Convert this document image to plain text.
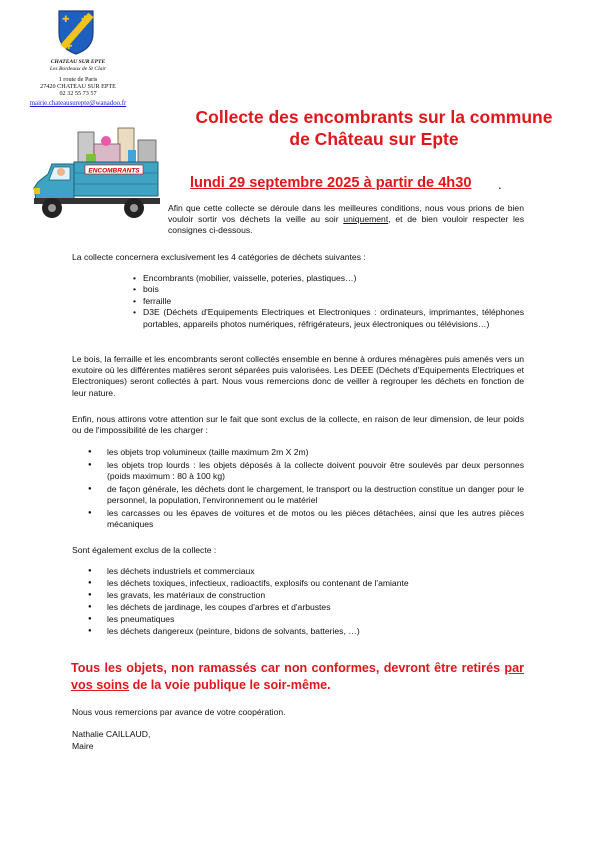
✚ ✚
✚
CHATEAU SUR EPTE
Les Bordeaux de St Clair
1 route de Paris
27420 CHATEAU SUR EPTE
02 32 55 73 57
mairie.chateausurepte@wanadoo.fr
ENCOMBRANTS
Collecte des encombrants sur la commune
de Château sur Epte
lundi 29 septembre 2025 à partir de 4h30 .
Afin que cette collecte se déroule dans les meilleures conditions, nous vous prions de bien vouloir sortir vos déchets la veille au soir uniquement, et de bien vouloir respecter les consignes ci-dessous.
La collecte concernera exclusivement les 4 catégories de déchets suivantes :
• Encombrants (mobilier, vaisselle, poteries, plastiques…)
• bois
• ferraille
• D3E (Déchets d'Equipements Electriques et Electroniques : ordinateurs, imprimantes, téléphones portables, appareils photos numériques, réfrigérateurs, jeux électroniques ou télévisions…)
Le bois, la ferraille et les encombrants seront collectés ensemble en benne à ordures ménagères puis amenés vers un exutoire où les différentes matières seront séparées puis valorisées. Les DEEE (Déchets d'Equipements Electriques et Electroniques) seront collectés à part. Nous vous remercions donc de veiller à regrouper les déchets en fonction de leur nature.
Enfin, nous attirons votre attention sur le fait que sont exclus de la collecte, en raison de leur dimension, de leur poids ou de l'impossibilité de les charger :
● les objets trop volumineux (taille maximum 2m X 2m)
● les objets trop lourds : les objets déposés à la collecte doivent pouvoir être soulevés par deux personnes (poids maximum : 80 à 100 kg)
● de façon générale, les déchets dont le chargement, le transport ou la destruction constitue un danger pour le personnel, la population, l'environnement ou le matériel
● les carcasses ou les épaves de voitures et de motos ou les pièces détachées, ainsi que les autres pièces mécaniques
Sont également exclus de la collecte :
● les déchets industriels et commerciaux
● les déchets toxiques, infectieux, radioactifs, explosifs ou contenant de l'amiante
● les gravats, les matériaux de construction
● les déchets de jardinage, les coupes d'arbres et d'arbustes
● les pneumatiques
● les déchets dangereux (peinture, bidons de solvants, batteries, …)
Tous les objets, non ramassés car non conformes, devront être retirés par vos soins de la voie publique le soir-même.
Nous vous remercions par avance de votre coopération.
Nathalie CAILLAUD,
Maire
